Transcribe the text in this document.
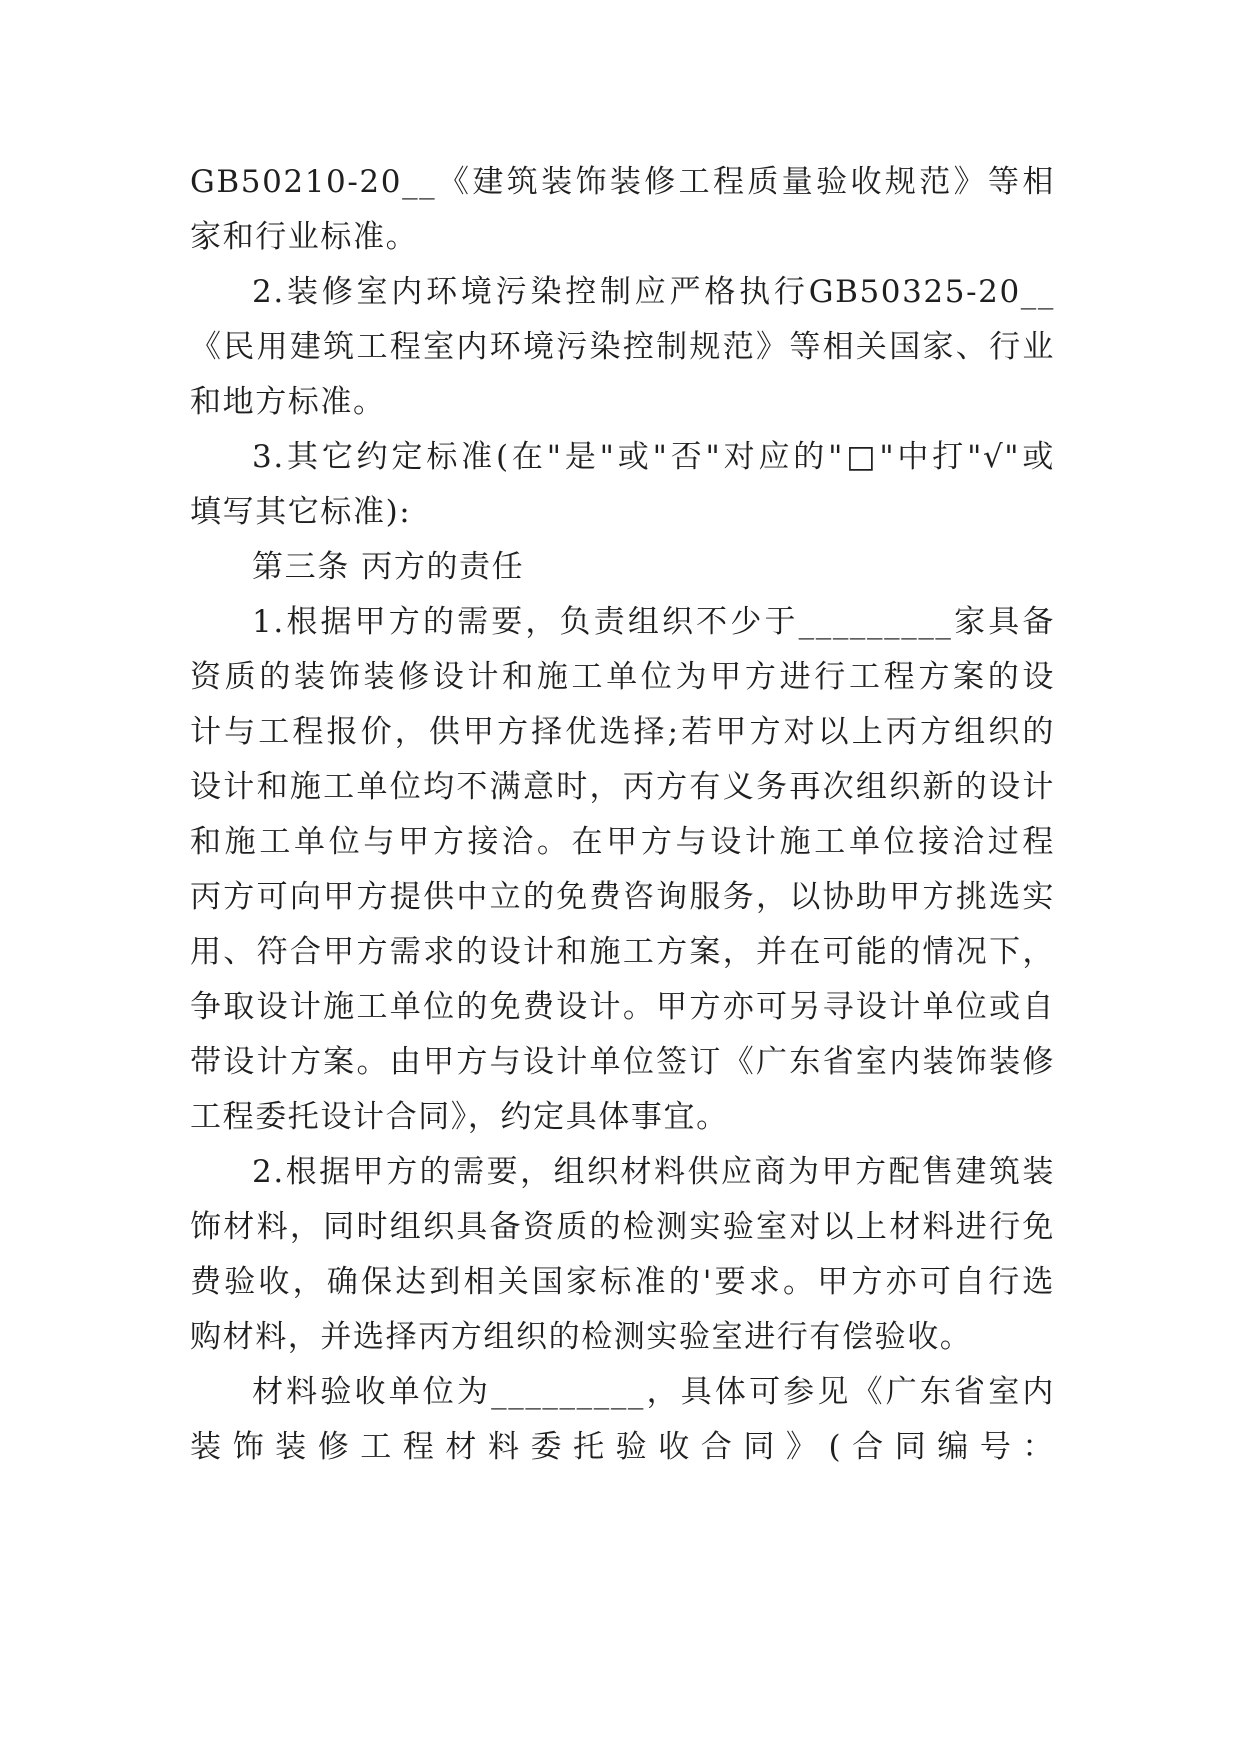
GB50210-20__《建筑装饰装修工程质量验收规范》等相
家和行业标准。
2.装修室内环境污染控制应严格执行GB50325-20__
《民用建筑工程室内环境污染控制规范》等相关国家、行业
和地方标准。
3.其它约定标准(在"是"或"否"对应的"□"中打"√"或
填写其它标准):
第三条 丙方的责任
1.根据甲方的需要，负责组织不少于_________家具备
资质的装饰装修设计和施工单位为甲方进行工程方案的设
计与工程报价，供甲方择优选择;若甲方对以上丙方组织的
设计和施工单位均不满意时，丙方有义务再次组织新的设计
和施工单位与甲方接洽。在甲方与设计施工单位接洽过程
丙方可向甲方提供中立的免费咨询服务，以协助甲方挑选实
用、符合甲方需求的设计和施工方案，并在可能的情况下，
争取设计施工单位的免费设计。甲方亦可另寻设计单位或自
带设计方案。由甲方与设计单位签订《广东省室内装饰装修
工程委托设计合同》，约定具体事宜。
2.根据甲方的需要，组织材料供应商为甲方配售建筑装
饰材料，同时组织具备资质的检测实验室对以上材料进行免
费验收，确保达到相关国家标准的'要求。甲方亦可自行选
购材料，并选择丙方组织的检测实验室进行有偿验收。
材料验收单位为_________，具体可参见《广东省室内
装饰装修工程材料委托验收合同》(合同编号：
